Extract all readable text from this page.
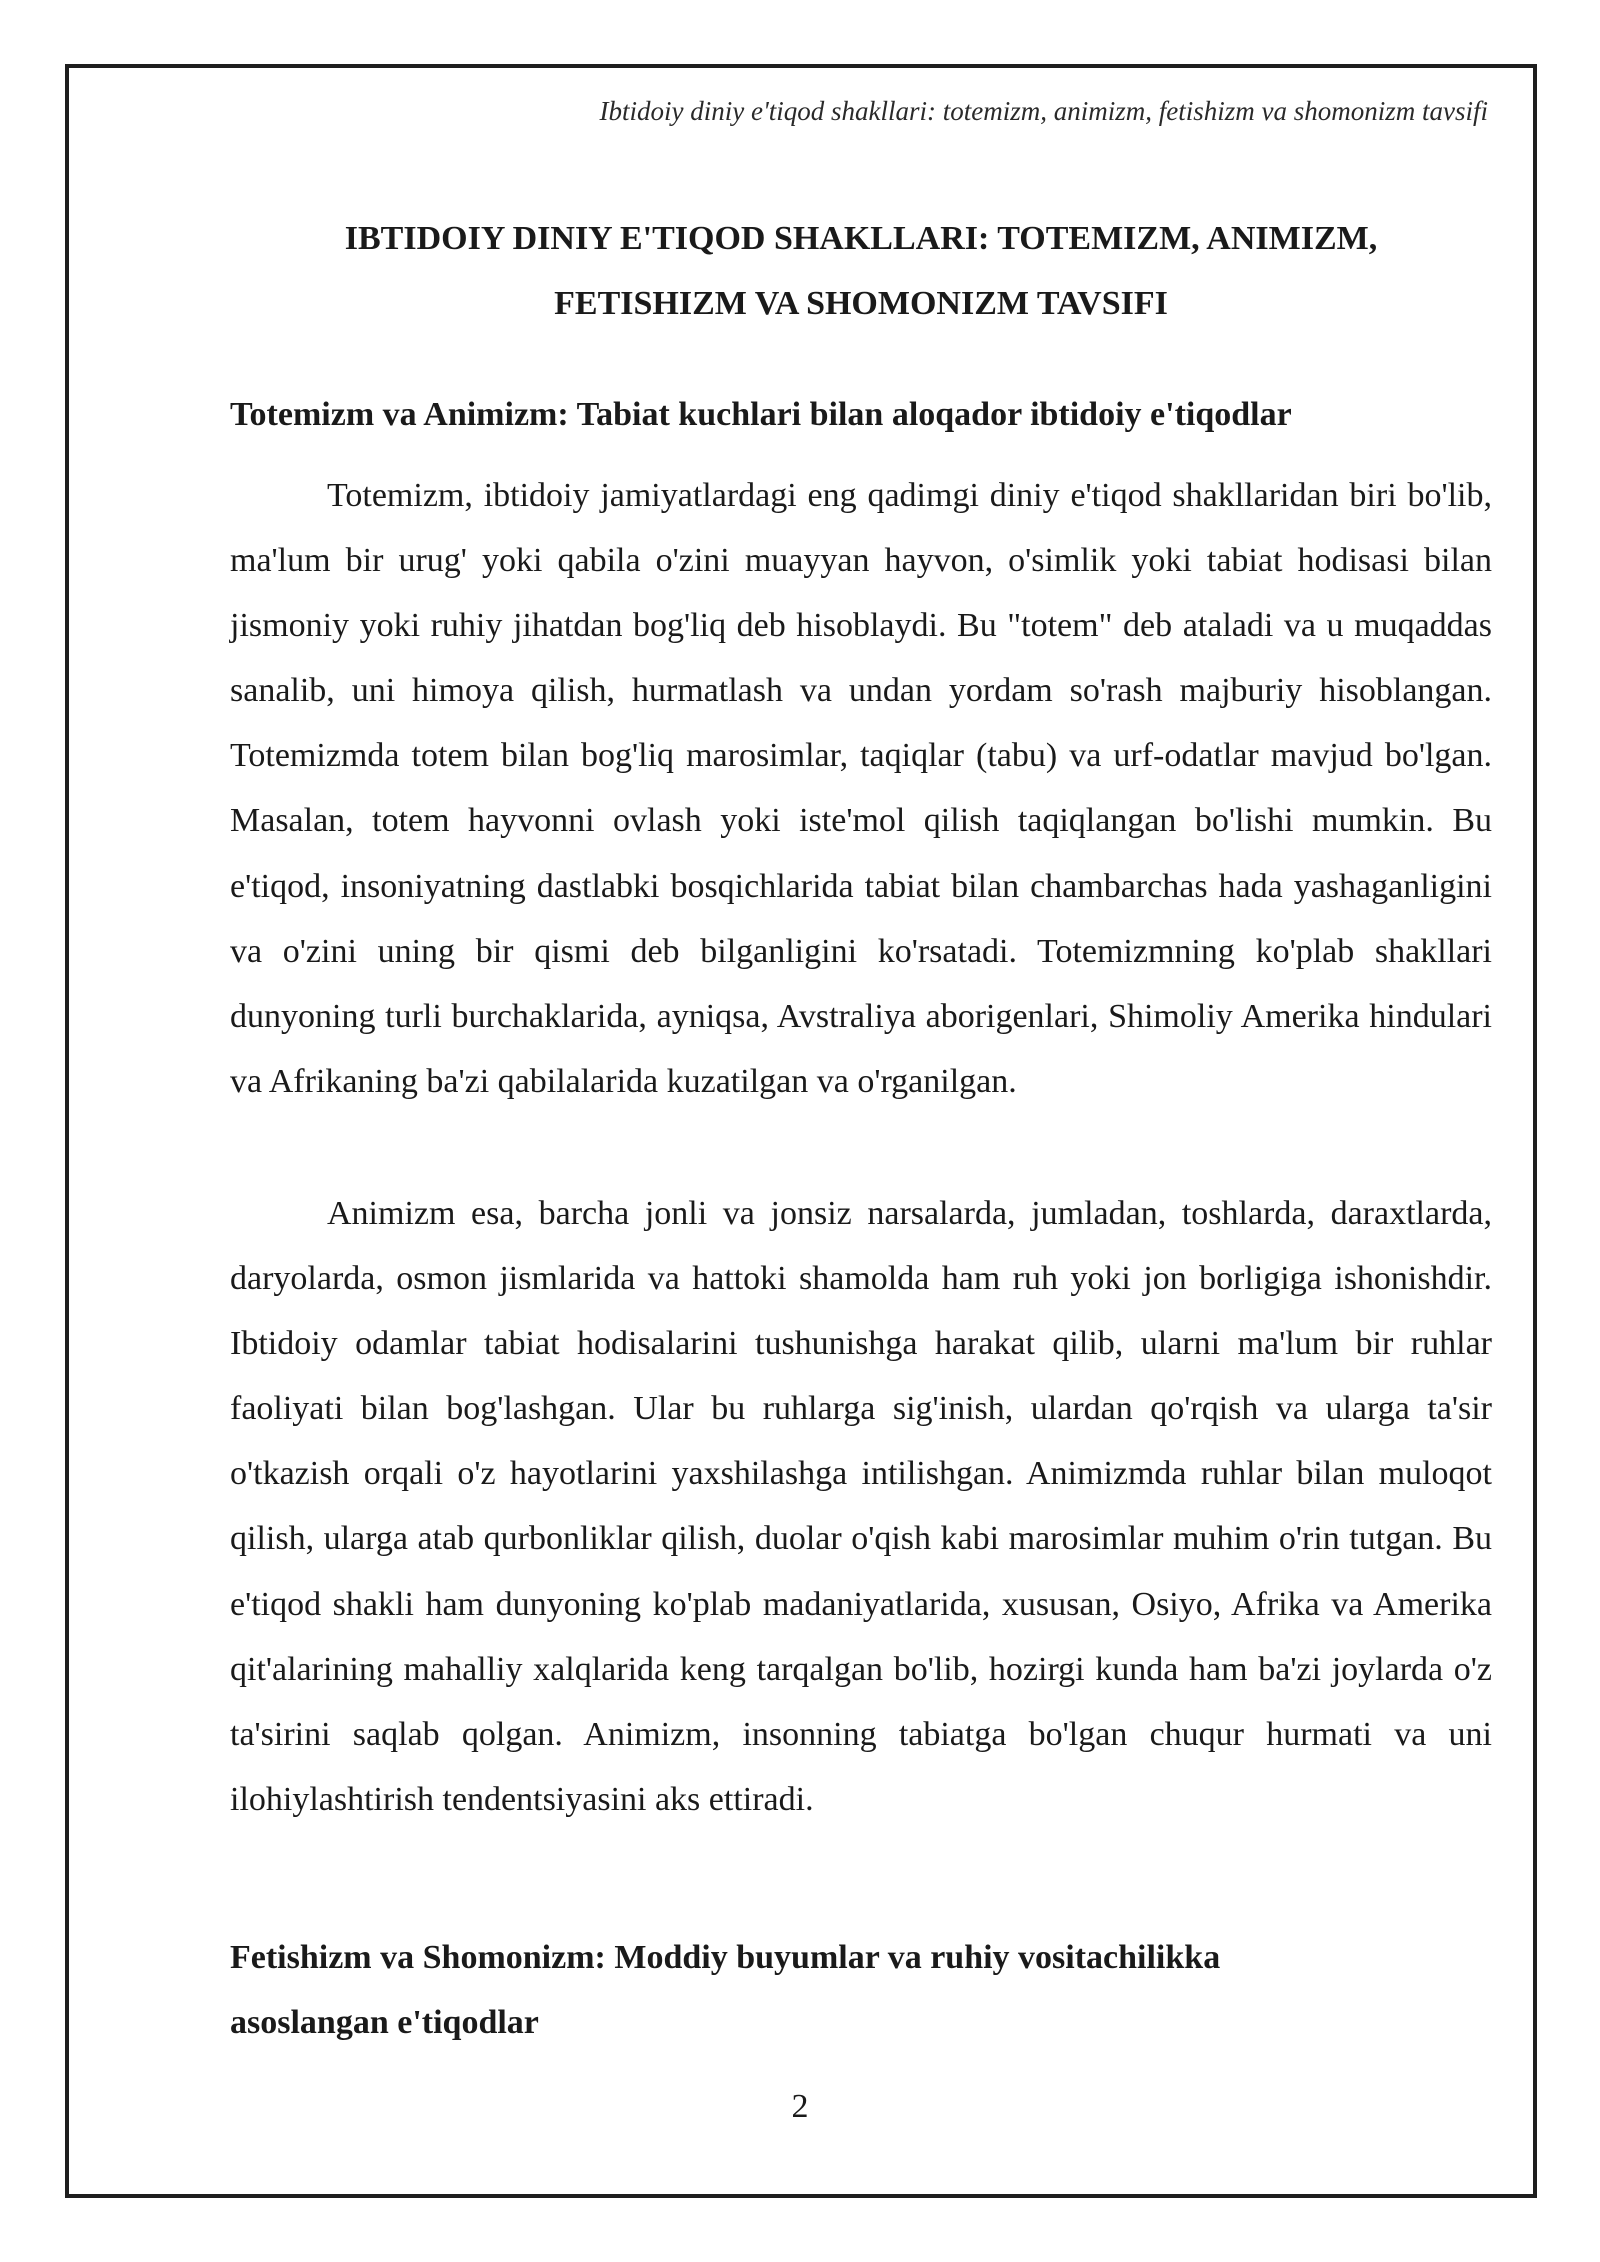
Ibtidoiy diniy e'tiqod shakllari: totemizm, animizm, fetishizm va shomonizm tavsifi
IBTIDOIY DINIY E'TIQOD SHAKLLARI: TOTEMIZM, ANIMIZM,
FETISHIZM VA SHOMONIZM TAVSIFI
Totemizm va Animizm: Tabiat kuchlari bilan aloqador ibtidoiy e'tiqodlar

Totemizm, ibtidoiy jamiyatlardagi eng qadimgi diniy e'tiqod shakllaridan biri bo'lib, ma'lum bir urug' yoki qabila o'zini muayyan hayvon, o'simlik yoki tabiat hodisasi bilan jismoniy yoki ruhiy jihatdan bog'liq deb hisoblaydi. Bu "totem" deb ataladi va u muqaddas sanalib, uni himoya qilish, hurmatlash va undan yordam so'rash majburiy hisoblangan. Totemizmda totem bilan bog'liq marosimlar, taqiqlar (tabu) va urf-odatlar mavjud bo'lgan. Masalan, totem hayvonni ovlash yoki iste'mol qilish taqiqlangan bo'lishi mumkin. Bu e'tiqod, insoniyatning dastlabki bosqichlarida tabiat bilan chambarchas hada yashaganligini va o'zini uning bir qismi deb bilganligini ko'rsatadi. Totemizmning ko'plab shakllari dunyoning turli burchaklarida, ayniqsa, Avstraliya aborigenlari, Shimoliy Amerika hindulari va Afrikaning ba'zi qabilalarida kuzatilgan va o'rganilgan.

Animizm esa, barcha jonli va jonsiz narsalarda, jumladan, toshlarda, daraxtlarda, daryolarda, osmon jismlarida va hattoki shamolda ham ruh yoki jon borligiga ishonishdir. Ibtidoiy odamlar tabiat hodisalarini tushunishga harakat qilib, ularni ma'lum bir ruhlar faoliyati bilan bog'lashgan. Ular bu ruhlarga sig'inish, ulardan qo'rqish va ularga ta'sir o'tkazish orqali o'z hayotlarini yaxshilashga intilishgan. Animizmda ruhlar bilan muloqot qilish, ularga atab qurbonliklar qilish, duolar o'qish kabi marosimlar muhim o'rin tutgan. Bu e'tiqod shakli ham dunyoning ko'plab madaniyatlarida, xususan, Osiyo, Afrika va Amerika qit'alarining mahalliy xalqlarida keng tarqalgan bo'lib, hozirgi kunda ham ba'zi joylarda o'z ta'sirini saqlab qolgan. Animizm, insonning tabiatga bo'lgan chuqur hurmati va uni ilohiylashtirish tendentsiyasini aks ettiradi.

Fetishizm va Shomonizm: Moddiy buyumlar va ruhiy vositachilikka
asoslangan e'tiqodlar
2
